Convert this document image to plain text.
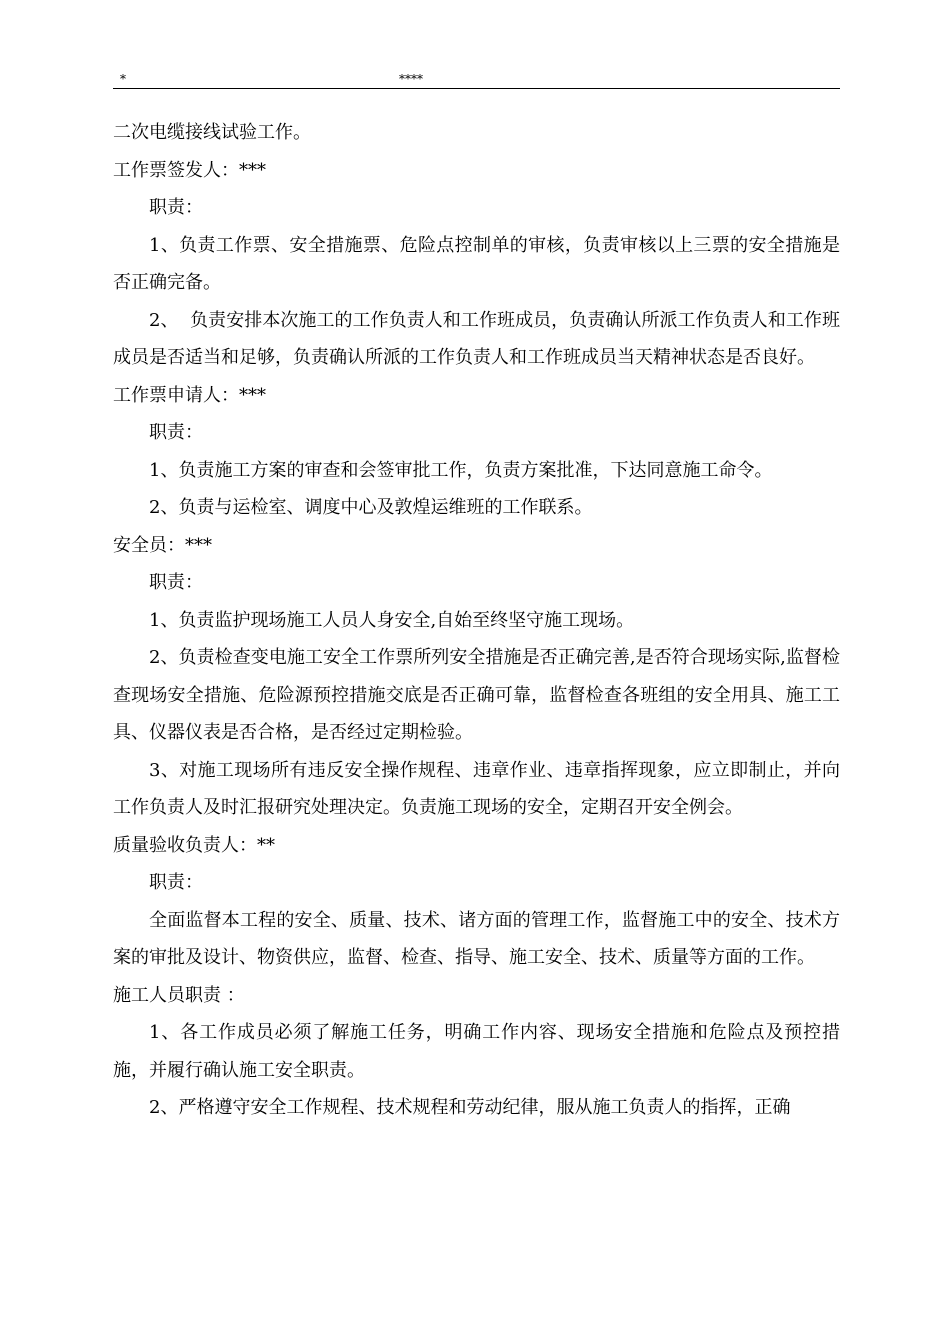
*	****

二次电缆接线试验工作。

工作票签发人：***

职责：

1、负责工作票、安全措施票、危险点控制单的审核，负责审核以上三票的安全措施是否正确完备。

2、  负责安排本次施工的工作负责人和工作班成员，负责确认所派工作负责人和工作班成员是否适当和足够，负责确认所派的工作负责人和工作班成员当天精神状态是否良好。

工作票申请人：***

职责：

1、负责施工方案的审查和会签审批工作，负责方案批准，下达同意施工命令。

2、负责与运检室、调度中心及敦煌运维班的工作联系。

安全员：***

职责：

1、负责监护现场施工人员人身安全,自始至终坚守施工现场。

2、负责检查变电施工安全工作票所列安全措施是否正确完善,是否符合现场实际,监督检查现场安全措施、危险源预控措施交底是否正确可靠，监督检查各班组的安全用具、施工工具、仪器仪表是否合格，是否经过定期检验。

3、对施工现场所有违反安全操作规程、违章作业、违章指挥现象，应立即制止，并向工作负责人及时汇报研究处理决定。负责施工现场的安全，定期召开安全例会。

质量验收负责人：**

职责：

全面监督本工程的安全、质量、技术、诸方面的管理工作，监督施工中的安全、技术方案的审批及设计、物资供应，监督、检查、指导、施工安全、技术、质量等方面的工作。

施工人员职责 ：

1、各工作成员必须了解施工任务，明确工作内容、现场安全措施和危险点及预控措施，并履行确认施工安全职责。

2、严格遵守安全工作规程、技术规程和劳动纪律，服从施工负责人的指挥，正确
